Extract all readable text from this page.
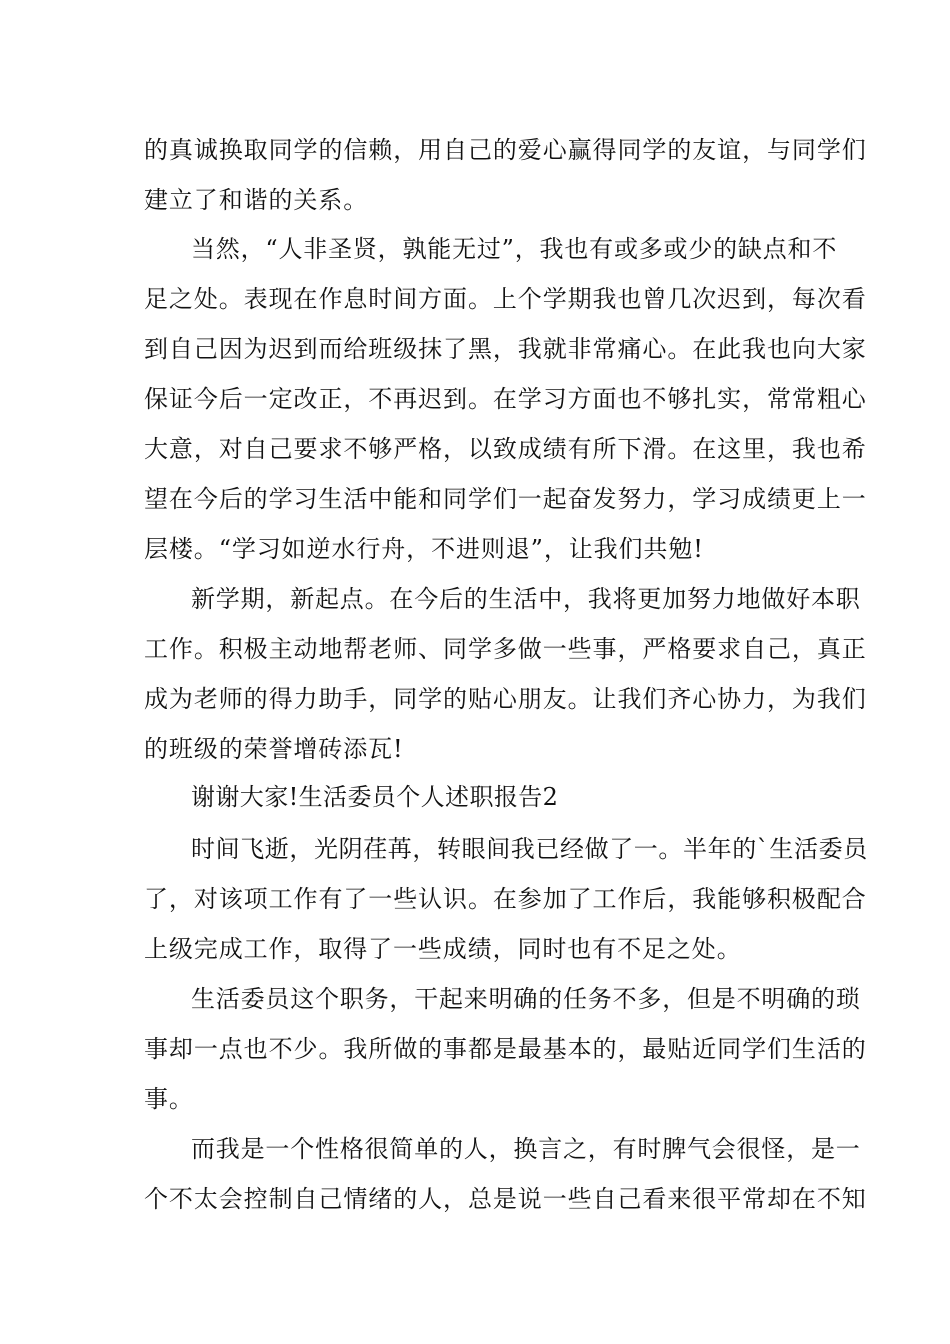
的真诚换取同学的信赖，用自己的爱心赢得同学的友谊，与同学们
建立了和谐的关系。
当然，“人非圣贤，孰能无过”，我也有或多或少的缺点和不
足之处。表现在作息时间方面。上个学期我也曾几次迟到，每次看
到自己因为迟到而给班级抹了黑，我就非常痛心。在此我也向大家
保证今后一定改正，不再迟到。在学习方面也不够扎实，常常粗心
大意，对自己要求不够严格，以致成绩有所下滑。在这里，我也希
望在今后的学习生活中能和同学们一起奋发努力，学习成绩更上一
层楼。“学习如逆水行舟，不进则退”，让我们共勉!
新学期，新起点。在今后的生活中，我将更加努力地做好本职
工作。积极主动地帮老师、同学多做一些事，严格要求自己，真正
成为老师的得力助手，同学的贴心朋友。让我们齐心协力，为我们
的班级的荣誉增砖添瓦!
谢谢大家!生活委员个人述职报告2
时间飞逝，光阴荏苒，转眼间我已经做了一。半年的`生活委员
了，对该项工作有了一些认识。在参加了工作后，我能够积极配合
上级完成工作，取得了一些成绩，同时也有不足之处。
生活委员这个职务，干起来明确的任务不多，但是不明确的琐
事却一点也不少。我所做的事都是最基本的，最贴近同学们生活的
事。
而我是一个性格很简单的人，换言之，有时脾气会很怪，是一
个不太会控制自己情绪的人，总是说一些自己看来很平常却在不知
